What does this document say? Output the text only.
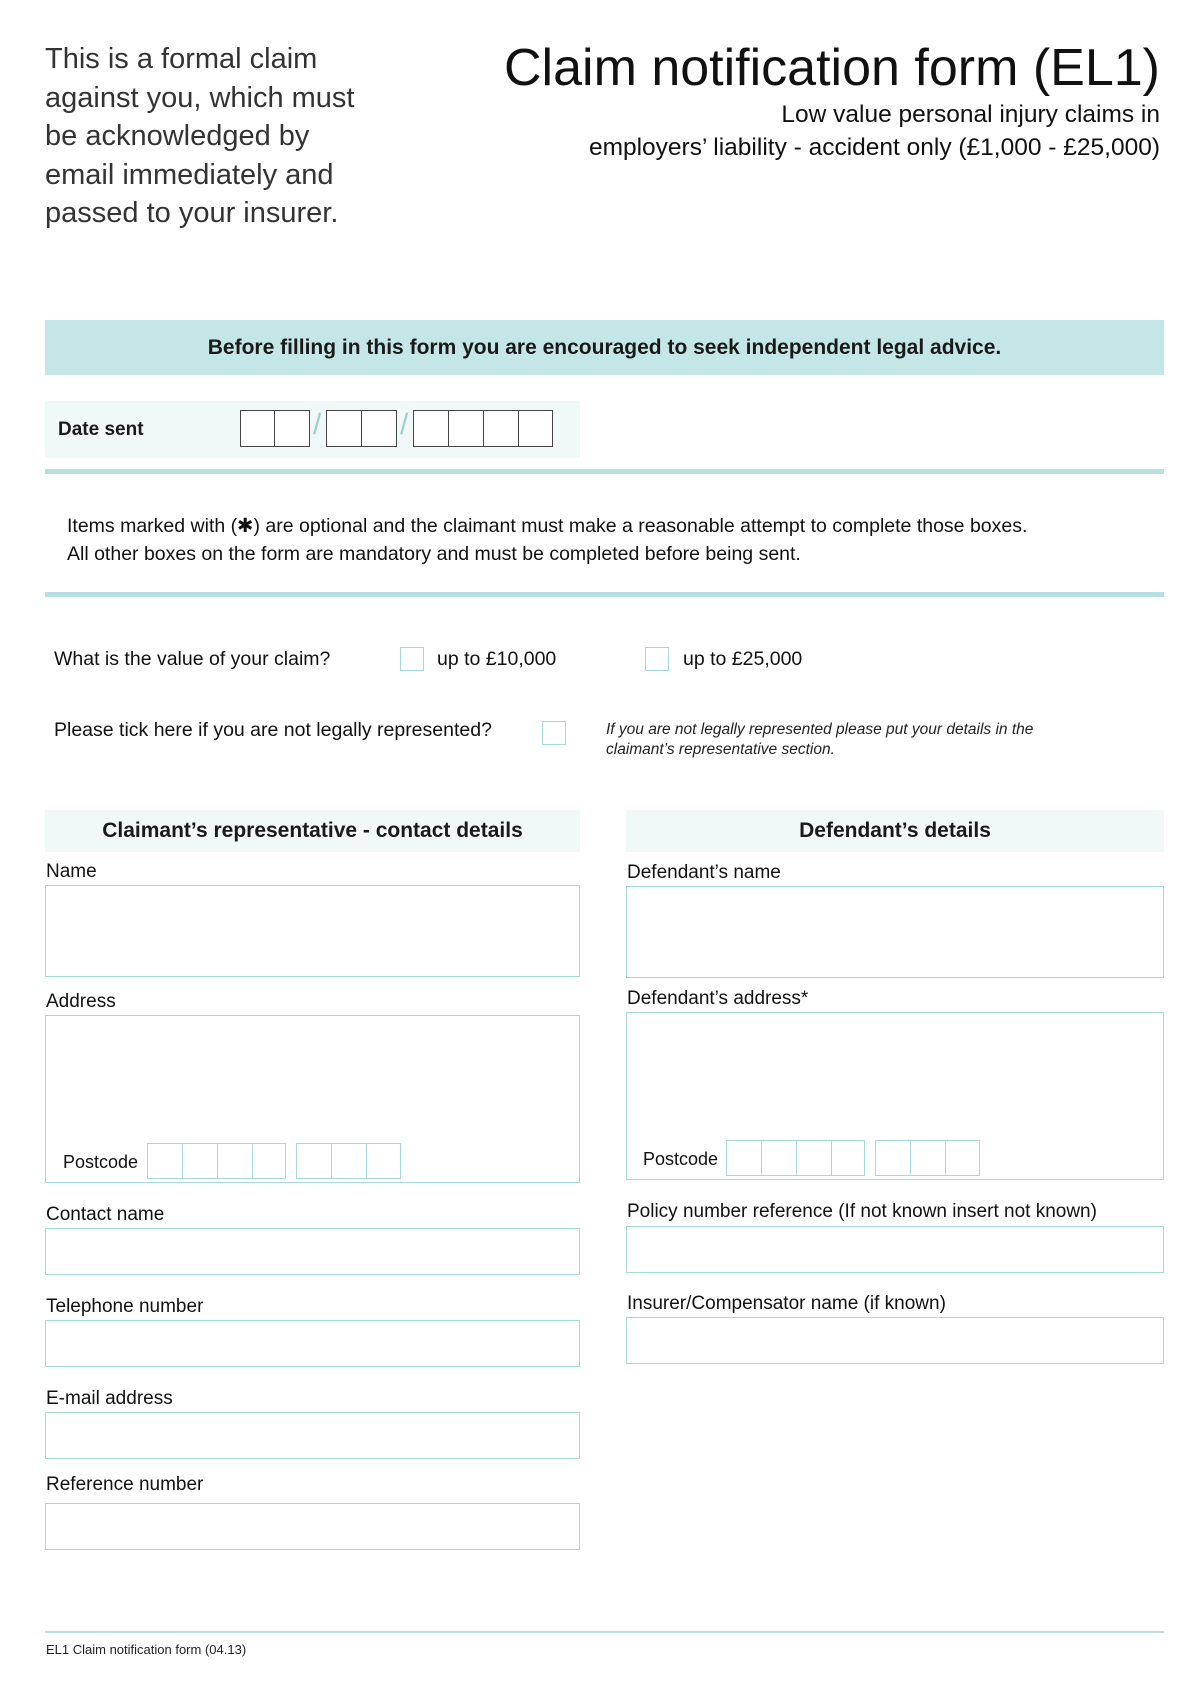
This is a formal claim against you, which must be acknowledged by email immediately and passed to your insurer.
Claim notification form (EL1)
Low value personal injury claims in
employers’ liability - accident only (£1,000 - £25,000)
Before filling in this form you are encouraged to seek independent legal advice.
Date sent	/	/
Items marked with (✱) are optional and the claimant must make a reasonable attempt to complete those boxes.
All other boxes on the form are mandatory and must be completed before being sent.
What is the value of your claim?	up to £10,000	up to £25,000
Please tick here if you are not legally represented?	If you are not legally represented please put your details in the claimant’s representative section.
Claimant’s representative - contact details
Name
Address
Postcode
Contact name
Telephone number
E-mail address
Reference number
Defendant’s details
Defendant’s name
Defendant’s address*
Postcode
Policy number reference (If not known insert not known)
Insurer/Compensator name (if known)
EL1 Claim notification form (04.13)
